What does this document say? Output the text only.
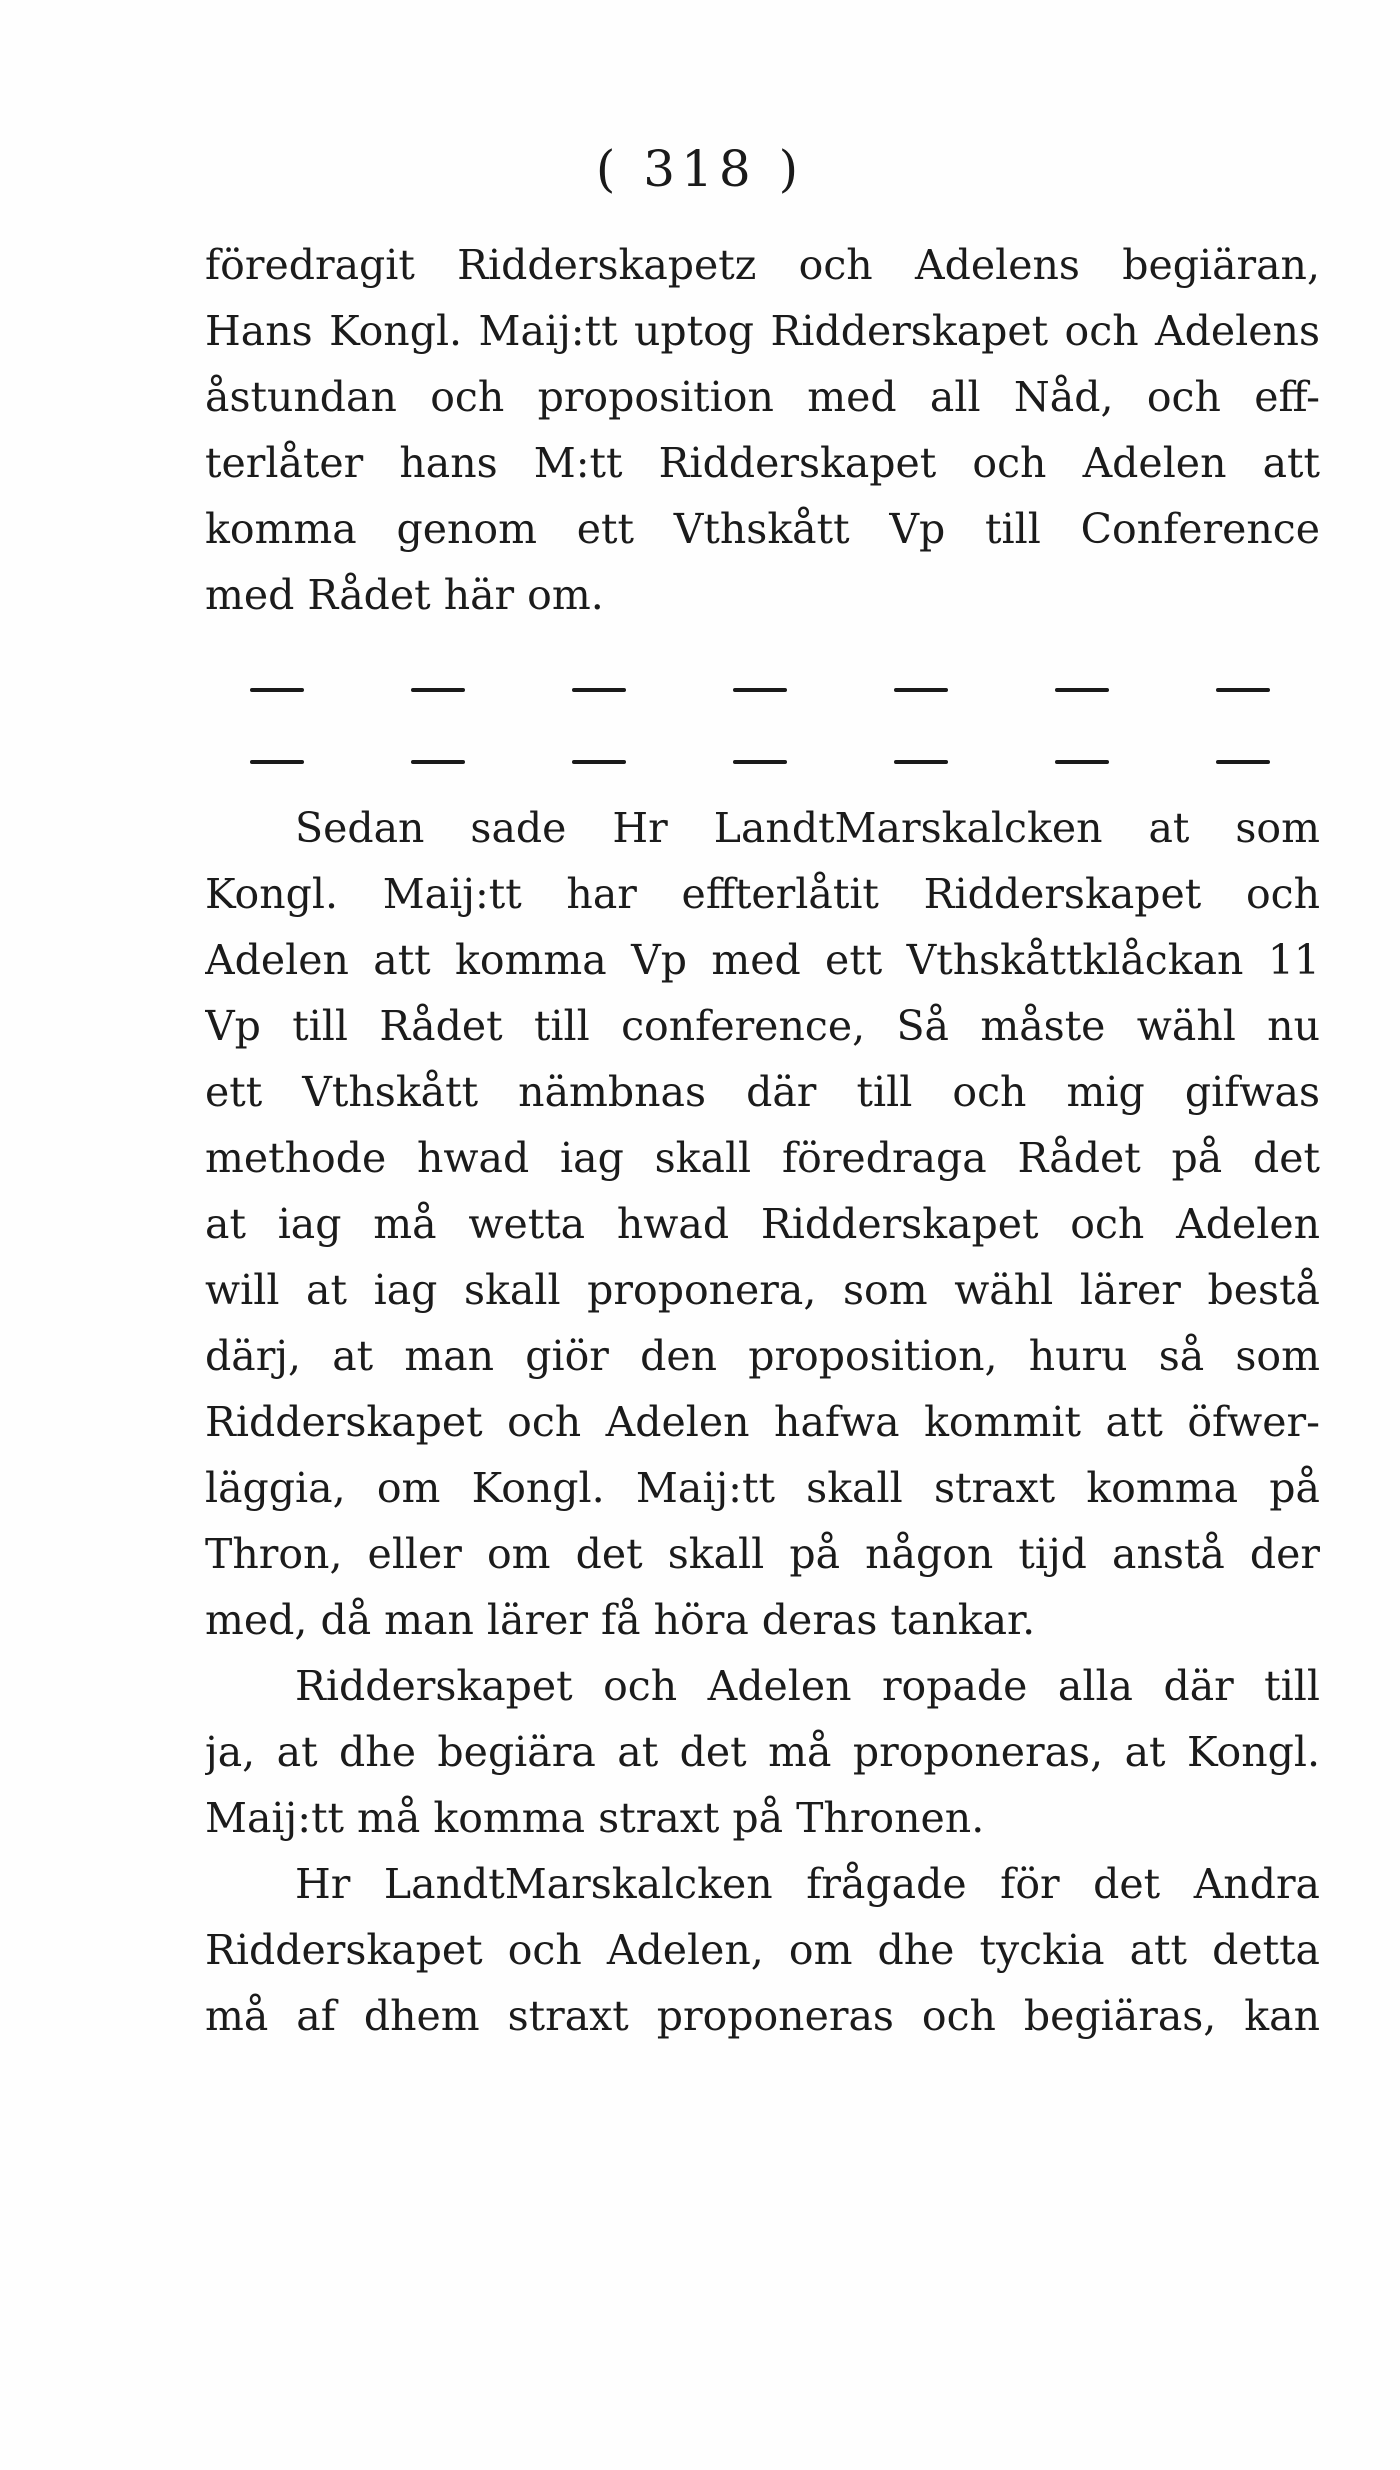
( 318 )
föredragit Ridderskapetz och Adelens begiäran,
Hans Kongl. Maij:tt uptog Ridderskapet och Adelens
åstundan och proposition med all Nåd, och eff-
terlåter hans M:tt Ridderskapet och Adelen att
komma genom ett Vthskått Vp till Conference
med Rådet här om.
Sedan sade Hr LandtMarskalcken at som
Kongl. Maij:tt har effterlåtit Ridderskapet och
Adelen att komma Vp med ett Vthskåttklåckan 11
Vp till Rådet till conference, Så måste wähl nu
ett Vthskått nämbnas där till och mig gifwas
methode hwad iag skall föredraga Rådet på det
at iag må wetta hwad Ridderskapet och Adelen
will at iag skall proponera, som wähl lärer bestå
därj, at man giör den proposition, huru så som
Ridderskapet och Adelen hafwa kommit att öfwer-
läggia, om Kongl. Maij:tt skall straxt komma på
Thron, eller om det skall på någon tijd anstå der
med, då man lärer få höra deras tankar.
Ridderskapet och Adelen ropade alla där till
ja, at dhe begiära at det må proponeras, at Kongl.
Maij:tt må komma straxt på Thronen.
Hr LandtMarskalcken frågade för det Andra
Ridderskapet och Adelen, om dhe tyckia att detta
må af dhem straxt proponeras och begiäras, kan
